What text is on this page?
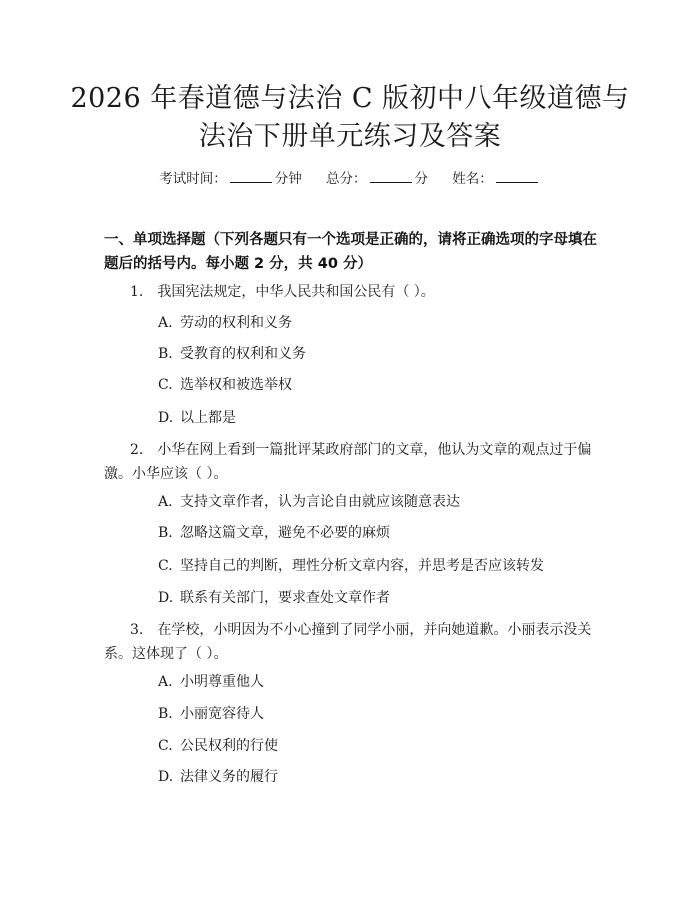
2026 年春道德与法治 C 版初中八年级道德与
法治下册单元练习及答案
考试时间：	分钟 总分：	分 姓名：
一、单项选择题（下列各题只有一个选项是正确的，请将正确选项的字母填在题后的括号内。每小题 2 分，共 40 分）
1. 我国宪法规定，中华人民共和国公民有（ ）。
A. 劳动的权利和义务
B. 受教育的权利和义务
C. 选举权和被选举权
D. 以上都是
2. 小华在网上看到一篇批评某政府部门的文章，他认为文章的观点过于偏激。小华应该（ ）。
A. 支持文章作者，认为言论自由就应该随意表达
B. 忽略这篇文章，避免不必要的麻烦
C. 坚持自己的判断，理性分析文章内容，并思考是否应该转发
D. 联系有关部门，要求查处文章作者
3. 在学校，小明因为不小心撞到了同学小丽，并向她道歉。小丽表示没关系。这体现了（ ）。
A. 小明尊重他人
B. 小丽宽容待人
C. 公民权利的行使
D. 法律义务的履行
